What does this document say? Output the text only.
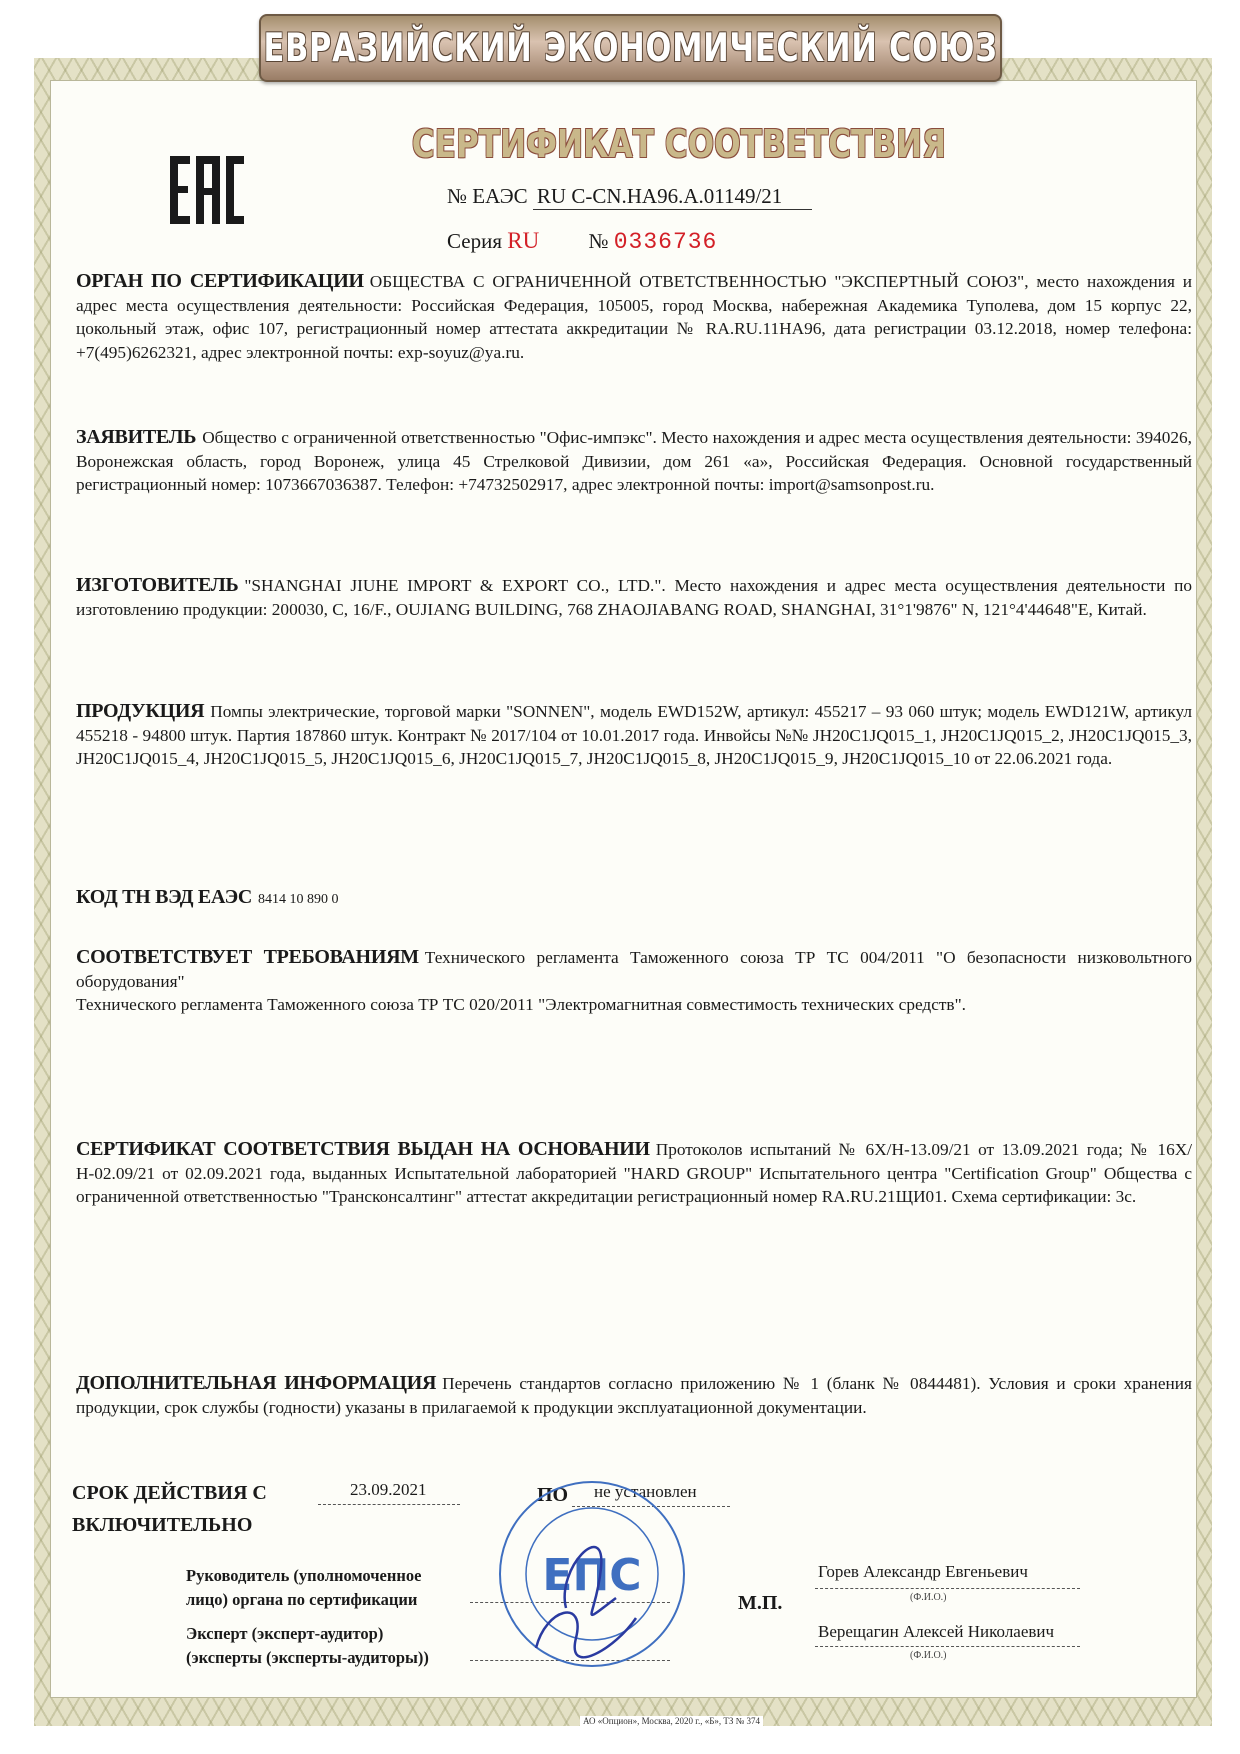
ЕВРАЗИЙСКИЙ ЭКОНОМИЧЕСКИЙ СОЮЗ
СЕРТИФИКАТ СООТВЕТСТВИЯ
№ ЕАЭС RU C-CN.HA96.A.01149/21
Серия RU № 0336736
ОРГАН ПО СЕРТИФИКАЦИИ ОБЩЕСТВА С ОГРАНИЧЕННОЙ ОТВЕТСТВЕННОСТЬЮ "ЭКСПЕРТНЫЙ СОЮЗ", место нахождения и адрес места осуществления деятельности: Российская Федерация, 105005, город Москва, набережная Академика Туполева, дом 15 корпус 22, цокольный этаж, офис 107, регистрационный номер аттестата аккредитации № RA.RU.11HA96, дата регистрации 03.12.2018, номер телефона: +7(495)6262321, адрес электронной почты: exp-soyuz@ya.ru.
ЗАЯВИТЕЛЬ Общество с ограниченной ответственностью "Офис-импэкс". Место нахождения и адрес места осуществления деятельности: 394026, Воронежская область, город Воронеж, улица 45 Стрелковой Дивизии, дом 261 «а», Российская Федерация. Основной государственный регистрационный номер: 1073667036387. Телефон: +74732502917, адрес электронной почты: import@samsonpost.ru.
ИЗГОТОВИТЕЛЬ "SHANGHAI JIUHE IMPORT & EXPORT CO., LTD.". Место нахождения и адрес места осуществления деятельности по изготовлению продукции: 200030, C, 16/F., OUJIANG BUILDING, 768 ZHAOJIABANG ROAD, SHANGHAI, 31°1'9876" N, 121°4'44648"E, Китай.
ПРОДУКЦИЯ Помпы электрические, торговой марки "SONNEN", модель EWD152W, артикул: 455217 – 93 060 штук; модель EWD121W, артикул 455218 - 94800 штук. Партия 187860 штук. Контракт № 2017/104 от 10.01.2017 года. Инвойсы №№ JH20C1JQ015_1, JH20C1JQ015_2, JH20C1JQ015_3, JH20C1JQ015_4, JH20C1JQ015_5, JH20C1JQ015_6, JH20C1JQ015_7, JH20C1JQ015_8, JH20C1JQ015_9, JH20C1JQ015_10 от 22.06.2021 года.
КОД ТН ВЭД ЕАЭС 8414 10 890 0
СООТВЕТСТВУЕТ ТРЕБОВАНИЯМ Технического регламента Таможенного союза ТР ТС 004/2011 "О безопасности низковольтного оборудования"
Технического регламента Таможенного союза ТР ТС 020/2011 "Электромагнитная совместимость технических средств".
СЕРТИФИКАТ СООТВЕТСТВИЯ ВЫДАН НА ОСНОВАНИИ Протоколов испытаний № 6Х/Н-13.09/21 от 13.09.2021 года; № 16Х/Н-02.09/21 от 02.09.2021 года, выданных Испытательной лабораторией "HARD GROUP" Испытательного центра "Certification Group" Общества с ограниченной ответственностью "Трансконсалтинг" аттестат аккредитации регистрационный номер RA.RU.21ЩИ01. Схема сертификации: 3с.
ДОПОЛНИТЕЛЬНАЯ ИНФОРМАЦИЯ Перечень стандартов согласно приложению № 1 (бланк № 0844481). Условия и сроки хранения продукции, срок службы (годности) указаны в прилагаемой к продукции эксплуатационной документации.
СРОК ДЕЙСТВИЯ С	23.09.2021	ПО не установлен
ВКЛЮЧИТЕЛЬНО
Руководитель (уполномоченное
лицо) органа по сертификации
Эксперт (эксперт-аудитор)
(эксперты (эксперты-аудиторы))
ЕПС
М.П.
Горев Александр Евгеньевич
(Ф.И.О.)
Верещагин Алексей Николаевич
(Ф.И.О.)
АО «Опцион», Москва, 2020 г., «Б», ТЗ № 374
